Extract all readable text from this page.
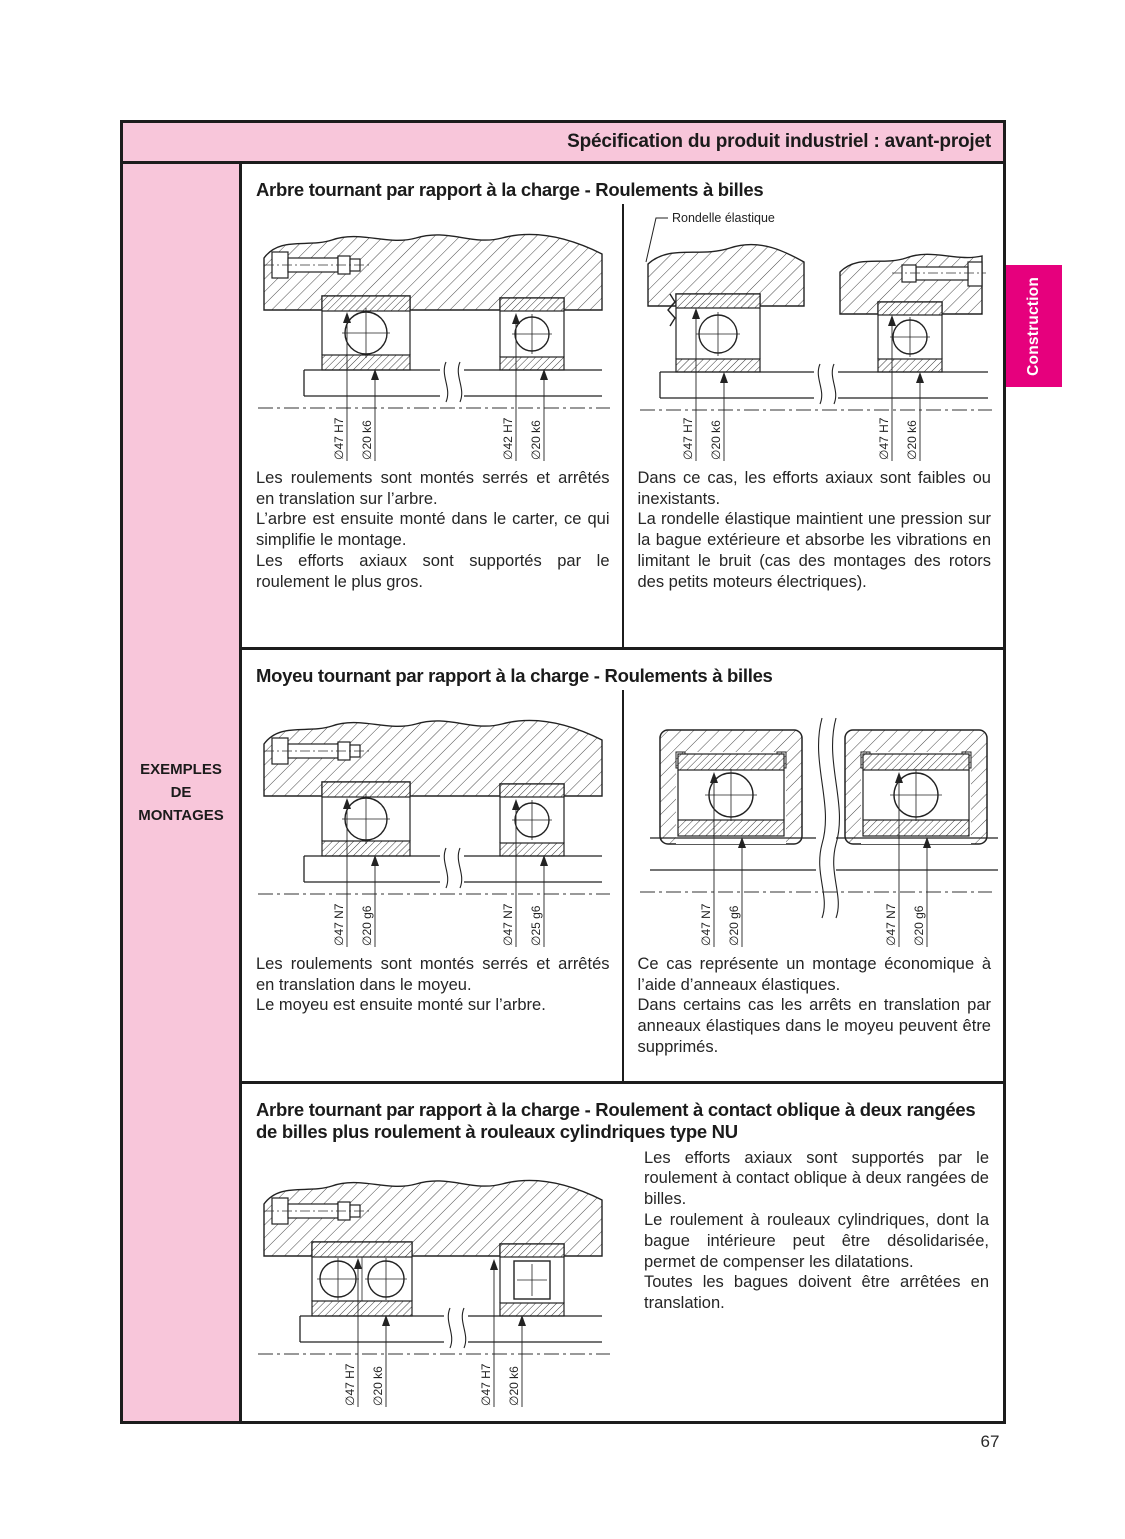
Spécification du produit industriel : avant-projet
EXEMPLES
DE
MONTAGES
Arbre tournant par rapport à la charge - Roulements à billes
∅47 H7 ∅20 k6	∅42 H7 ∅20 k6

Les roulements sont montés serrés et arrêtés en translation sur l’arbre.

L’arbre est ensuite monté dans le carter, ce qui simplifie le montage.

Les efforts axiaux sont supportés par le roulement le plus gros.

Rondelle élastique
∅47 H7 ∅20 k6	∅47 H7 ∅20 k6

Dans ce cas, les efforts axiaux sont faibles ou inexistants.

La rondelle élastique maintient une pression sur la bague extérieure et absorbe les vibrations en limitant le bruit (cas des montages des rotors des petits moteurs électriques).

Moyeu tournant par rapport à la charge - Roulements à billes
∅47 N7 ∅20 g6	∅47 N7 ∅25 g6

Les roulements sont montés serrés et arrêtés en translation dans le moyeu.

Le moyeu est ensuite monté sur l’arbre.

∅47 N7 ∅20 g6	∅47 N7 ∅20 g6

Ce cas représente un montage économique à l’aide d’anneaux élastiques.

Dans certains cas les arrêts en translation par anneaux élastiques dans le moyeu peuvent être supprimés.

Arbre tournant par rapport à la charge - Roulement à contact oblique à deux rangées de billes plus roulement à rouleaux cylindriques type NU
∅47 H7 ∅20 k6	∅47 H7 ∅20 k6

Les efforts axiaux sont supportés par le roulement à contact oblique à deux rangées de billes.

Le roulement à rouleaux cylindriques, dont la bague intérieure peut être désolidarisée, permet de compenser les dilatations.

Toutes les bagues doivent être arrêtées en translation.

Construction
67
